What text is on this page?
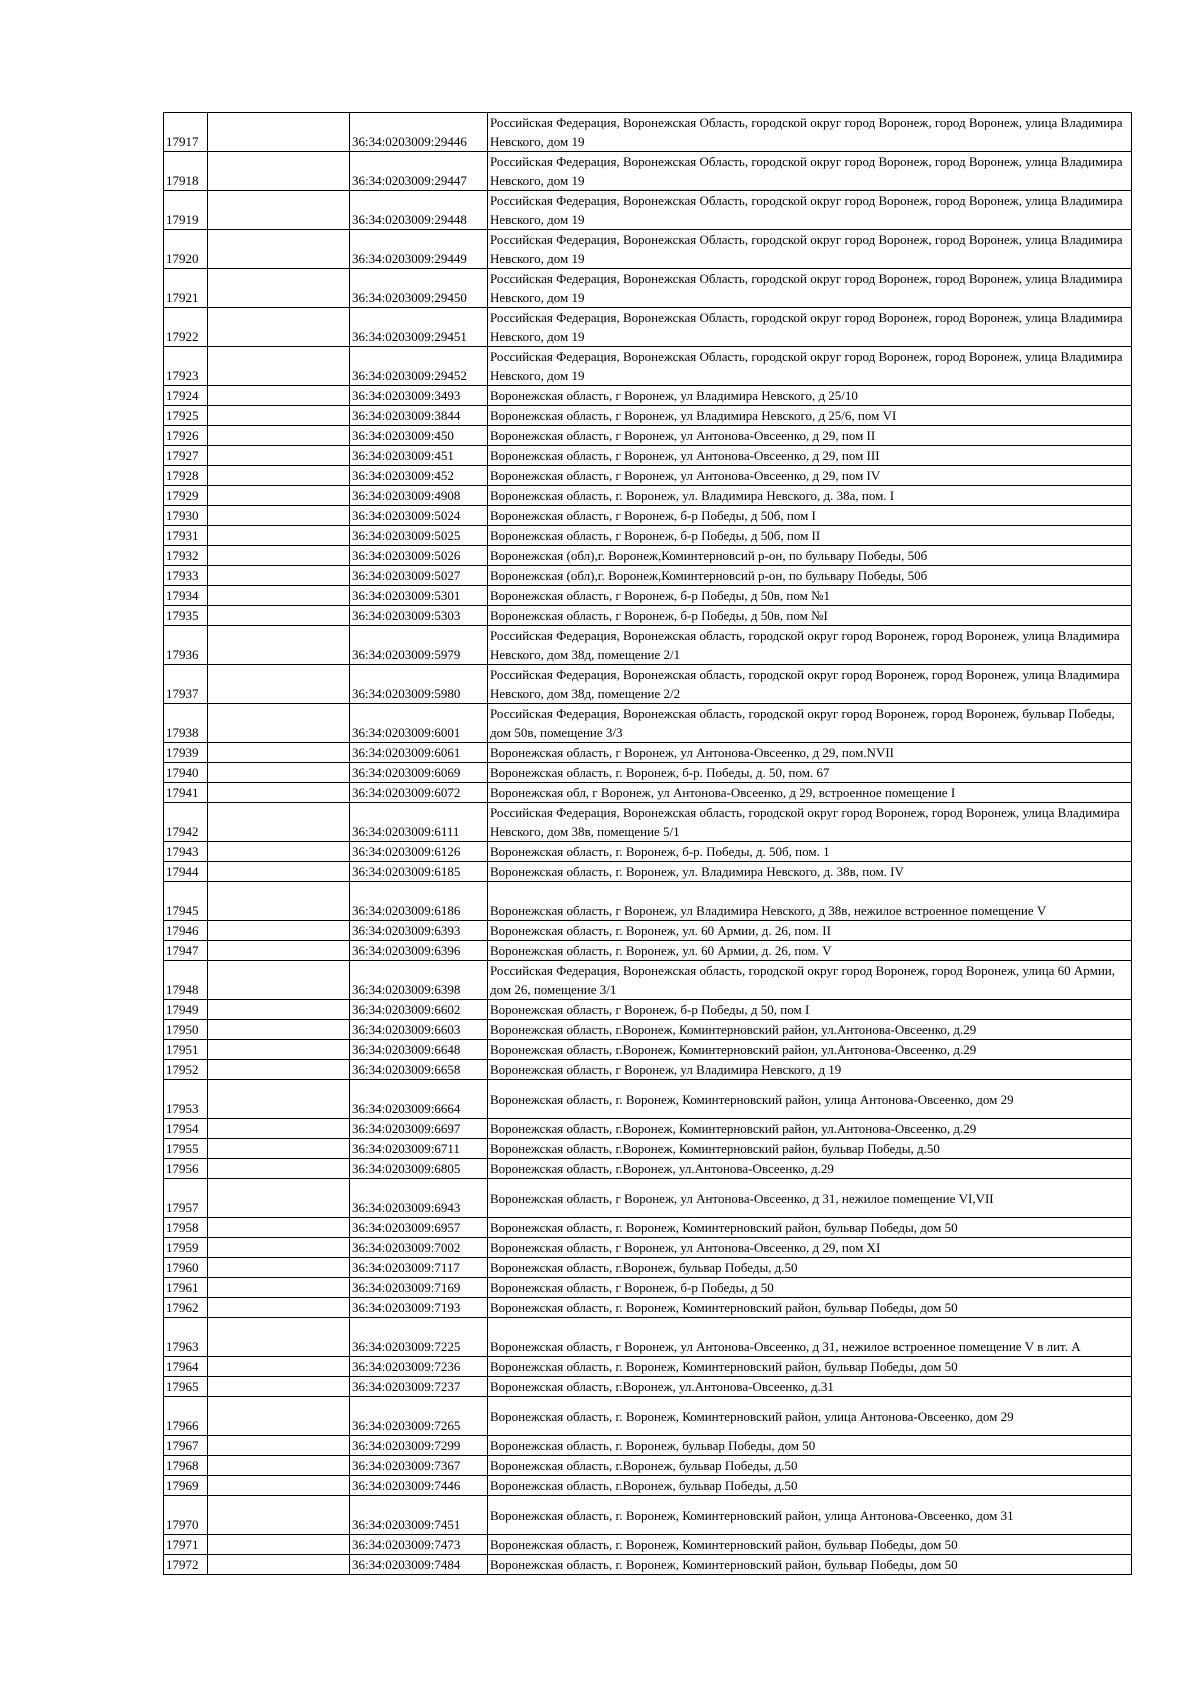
17917		36:34:0203009:29446	Российская Федерация, Воронежская Область, городской округ город Воронеж, город Воронеж, улица Владимира Невского, дом 19
17918		36:34:0203009:29447	Российская Федерация, Воронежская Область, городской округ город Воронеж, город Воронеж, улица Владимира Невского, дом 19
17919		36:34:0203009:29448	Российская Федерация, Воронежская Область, городской округ город Воронеж, город Воронеж, улица Владимира Невского, дом 19
17920		36:34:0203009:29449	Российская Федерация, Воронежская Область, городской округ город Воронеж, город Воронеж, улица Владимира Невского, дом 19
17921		36:34:0203009:29450	Российская Федерация, Воронежская Область, городской округ город Воронеж, город Воронеж, улица Владимира Невского, дом 19
17922		36:34:0203009:29451	Российская Федерация, Воронежская Область, городской округ город Воронеж, город Воронеж, улица Владимира Невского, дом 19
17923		36:34:0203009:29452	Российская Федерация, Воронежская Область, городской округ город Воронеж, город Воронеж, улица Владимира Невского, дом 19
17924		36:34:0203009:3493	Воронежская область, г Воронеж, ул Владимира Невского, д 25/10
17925		36:34:0203009:3844	Воронежская область, г Воронеж, ул Владимира Невского, д 25/6, пом VI
17926		36:34:0203009:450	Воронежская область, г Воронеж, ул Антонова-Овсеенко, д 29, пом II
17927		36:34:0203009:451	Воронежская область, г Воронеж, ул Антонова-Овсеенко, д 29, пом III
17928		36:34:0203009:452	Воронежская область, г Воронеж, ул Антонова-Овсеенко, д 29, пом IV
17929		36:34:0203009:4908	Воронежская область, г. Воронеж, ул. Владимира Невского, д. 38а, пом. I
17930		36:34:0203009:5024	Воронежская область, г Воронеж, б-р Победы, д 50б, пом I
17931		36:34:0203009:5025	Воронежская область, г Воронеж, б-р Победы, д 50б, пом II
17932		36:34:0203009:5026	Воронежская (обл),г. Воронеж,Коминтерновсий р-он, по бульвару Победы, 50б
17933		36:34:0203009:5027	Воронежская (обл),г. Воронеж,Коминтерновсий р-он, по бульвару Победы, 50б
17934		36:34:0203009:5301	Воронежская область, г Воронеж, б-р Победы, д 50в, пом №1
17935		36:34:0203009:5303	Воронежская область, г Воронеж, б-р Победы, д 50в, пом №I
17936		36:34:0203009:5979	Российская Федерация, Воронежская область, городской округ город Воронеж, город Воронеж, улица Владимира Невского, дом 38д, помещение 2/1
17937		36:34:0203009:5980	Российская Федерация, Воронежская область, городской округ город Воронеж, город Воронеж, улица Владимира Невского, дом 38д, помещение 2/2
17938		36:34:0203009:6001	Российская Федерация, Воронежская область, городской округ город Воронеж, город Воронеж, бульвар Победы, дом 50в, помещение 3/3
17939		36:34:0203009:6061	Воронежская область, г Воронеж, ул Антонова-Овсеенко, д 29, пом.NVII
17940		36:34:0203009:6069	Воронежская область, г. Воронеж, б-р. Победы, д. 50, пом. 67
17941		36:34:0203009:6072	Воронежская обл, г Воронеж, ул Антонова-Овсеенко, д 29, встроенное помещение I
17942		36:34:0203009:6111	Российская Федерация, Воронежская область, городской округ город Воронеж, город Воронеж, улица Владимира Невского, дом 38в, помещение 5/1
17943		36:34:0203009:6126	Воронежская область, г. Воронеж, б-р. Победы, д. 50б, пом. 1
17944		36:34:0203009:6185	Воронежская область, г. Воронеж, ул. Владимира Невского, д. 38в, пом. IV
17945		36:34:0203009:6186	Воронежская область, г Воронеж, ул Владимира Невского, д 38в, нежилое встроенное помещение V
17946		36:34:0203009:6393	Воронежская область, г. Воронеж, ул. 60 Армии, д. 26, пом. II
17947		36:34:0203009:6396	Воронежская область, г. Воронеж, ул. 60 Армии, д. 26, пом. V
17948		36:34:0203009:6398	Российская Федерация, Воронежская область, городской округ город Воронеж, город Воронеж, улица 60 Армии, дом 26, помещение 3/1
17949		36:34:0203009:6602	Воронежская область, г Воронеж, б-р Победы, д 50, пом I
17950		36:34:0203009:6603	Воронежская область, г.Воронеж, Коминтерновский район, ул.Антонова-Овсеенко, д.29
17951		36:34:0203009:6648	Воронежская область, г.Воронеж, Коминтерновский район, ул.Антонова-Овсеенко, д.29
17952		36:34:0203009:6658	Воронежская область, г Воронеж, ул Владимира Невского, д 19
17953		36:34:0203009:6664	Воронежская область, г. Воронеж, Коминтерновский район, улица Антонова-Овсеенко, дом 29
17954		36:34:0203009:6697	Воронежская область, г.Воронеж, Коминтерновский район, ул.Антонова-Овсеенко, д.29
17955		36:34:0203009:6711	Воронежская область, г.Воронеж, Коминтерновский район, бульвар Победы, д.50
17956		36:34:0203009:6805	Воронежская область, г.Воронеж, ул.Антонова-Овсеенко, д.29
17957		36:34:0203009:6943	Воронежская область, г Воронеж, ул Антонова-Овсеенко, д 31, нежилое помещение VI,VII
17958		36:34:0203009:6957	Воронежская область, г. Воронеж, Коминтерновский район, бульвар Победы, дом 50
17959		36:34:0203009:7002	Воронежская область, г Воронеж, ул Антонова-Овсеенко, д 29, пом XI
17960		36:34:0203009:7117	Воронежская область, г.Воронеж, бульвар Победы, д.50
17961		36:34:0203009:7169	Воронежская область, г Воронеж, б-р Победы, д 50
17962		36:34:0203009:7193	Воронежская область, г. Воронеж, Коминтерновский район, бульвар Победы, дом 50
17963		36:34:0203009:7225	Воронежская область, г Воронеж, ул Антонова-Овсеенко, д 31, нежилое встроенное помещение V в лит. А
17964		36:34:0203009:7236	Воронежская область, г. Воронеж, Коминтерновский район, бульвар Победы, дом 50
17965		36:34:0203009:7237	Воронежская область, г.Воронеж, ул.Антонова-Овсеенко, д.31
17966		36:34:0203009:7265	Воронежская область, г. Воронеж, Коминтерновский район, улица Антонова-Овсеенко, дом 29
17967		36:34:0203009:7299	Воронежская область, г. Воронеж, бульвар Победы, дом 50
17968		36:34:0203009:7367	Воронежская область, г.Воронеж, бульвар Победы, д.50
17969		36:34:0203009:7446	Воронежская область, г.Воронеж, бульвар Победы, д.50
17970		36:34:0203009:7451	Воронежская область, г. Воронеж, Коминтерновский район, улица Антонова-Овсеенко, дом 31
17971		36:34:0203009:7473	Воронежская область, г. Воронеж, Коминтерновский район, бульвар Победы, дом 50
17972		36:34:0203009:7484	Воронежская область, г. Воронеж, Коминтерновский район, бульвар Победы, дом 50
